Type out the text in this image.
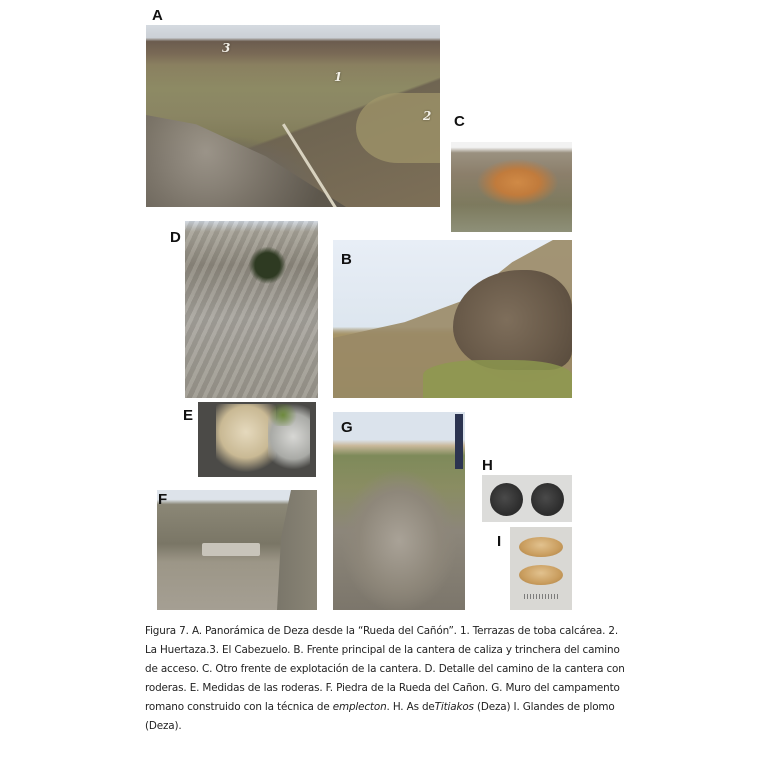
A
3
1
2 C
D
B
E
F
G
H
I
Figura 7. A. Panorámica de Deza desde la “Rueda del Cañón”. 1. Terrazas de toba calcárea. 2.
La Huertaza.3. El Cabezuelo. B. Frente principal de la cantera de caliza y trinchera del camino
de acceso. C. Otro frente de explotación de la cantera. D. Detalle del camino de la cantera con
roderas. E. Medidas de las roderas. F. Piedra de la Rueda del Cañon. G. Muro del campamento
romano construido con la técnica de emplecton. H. As deTitiakos (Deza) I. Glandes de plomo
(Deza).
